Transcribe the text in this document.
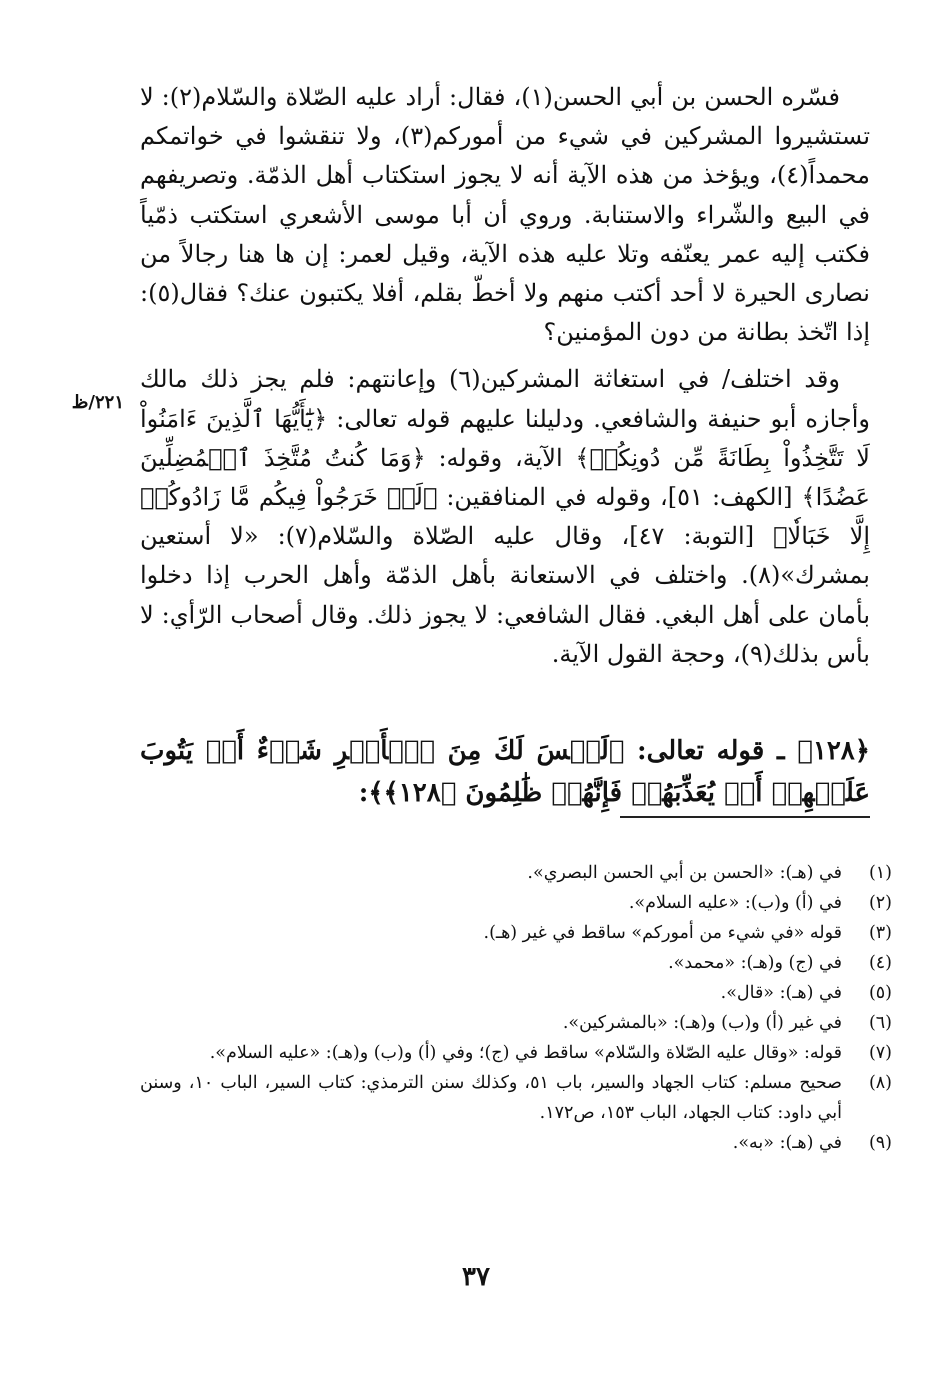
٢٢١/ظ

فسّره الحسن بن أبي الحسن(١)، فقال: أراد عليه الصّلاة والسّلام(٢): لا تستشيروا المشركين في شيء من أموركم(٣)، ولا تنقشوا في خواتمكم محمداً(٤)، ويؤخذ من هذه الآية أنه لا يجوز استكتاب أهل الذمّة. وتصريفهم في البيع والشّراء والاستنابة. وروي أن أبا موسى الأشعري استكتب ذمّياً فكتب إليه عمر يعنّفه وتلا عليه هذه الآية، وقيل لعمر: إن ها هنا رجالاً من نصارى الحيرة لا أحد أكتب منهم ولا أخطّ بقلم، أفلا يكتبون عنك؟ فقال(٥): إذا اتّخذ بطانة من دون المؤمنين؟

وقد اختلف/ في استغاثة المشركين(٦) وإعانتهم: فلم يجز ذلك مالك وأجازه أبو حنيفة والشافعي. ودليلنا عليهم قوله تعالى: ﴿يَٰٓأَيُّهَا ٱلَّذِينَ ءَامَنُواْ لَا تَتَّخِذُواْ بِطَانَةً مِّن دُونِكُمۡ﴾ الآية، وقوله: ﴿وَمَا كُنتُ مُتَّخِذَ ٱلۡمُضِلِّينَ عَضُدًا﴾ [الكهف: ٥١]، وقوله في المنافقين: ﴿لَوۡ خَرَجُواْ فِيكُم مَّا زَادُوكُمۡ إِلَّا خَبَالٗا﴾ [التوبة: ٤٧]، وقال عليه الصّلاة والسّلام(٧): «لا أستعين بمشرك»(٨). واختلف في الاستعانة بأهل الذمّة وأهل الحرب إذا دخلوا بأمان على أهل البغي. فقال الشافعي: لا يجوز ذلك. وقال أصحاب الرّأي: لا بأس بذلك(٩)، وحجة القول الآية.

﴿١٢٨﴾ ـ قوله تعالى: ﴿لَيۡسَ لَكَ مِنَ ٱلۡأَمۡرِ شَيۡءٌ أَوۡ يَتُوبَ عَلَيۡهِمۡ أَوۡ يُعَذِّبَهُمۡ فَإِنَّهُمۡ ظَٰلِمُونَ ﴿١٢٨﴾﴾:
(١)
في (هـ): «الحسن بن أبي الحسن البصري».
(٢)
في (أ) و(ب): «عليه السلام».
(٣)
قوله «في شيء من أموركم» ساقط في غير (هـ).
(٤)
في (ج) و(هـ): «محمد».
(٥)
في (هـ): «قال».
(٦)
في غير (أ) و(ب) و(هـ): «بالمشركين».
(٧)
قوله: «وقال عليه الصّلاة والسّلام» ساقط في (ج)؛ وفي (أ) و(ب) و(هـ): «عليه السلام».
(٨)
صحيح مسلم: كتاب الجهاد والسير، باب ٥١، وكذلك سنن الترمذي: كتاب السير، الباب ١٠، وسنن أبي داود: كتاب الجهاد، الباب ١٥٣، ص١٧٢.
(٩)
في (هـ): «به».
٣٧
